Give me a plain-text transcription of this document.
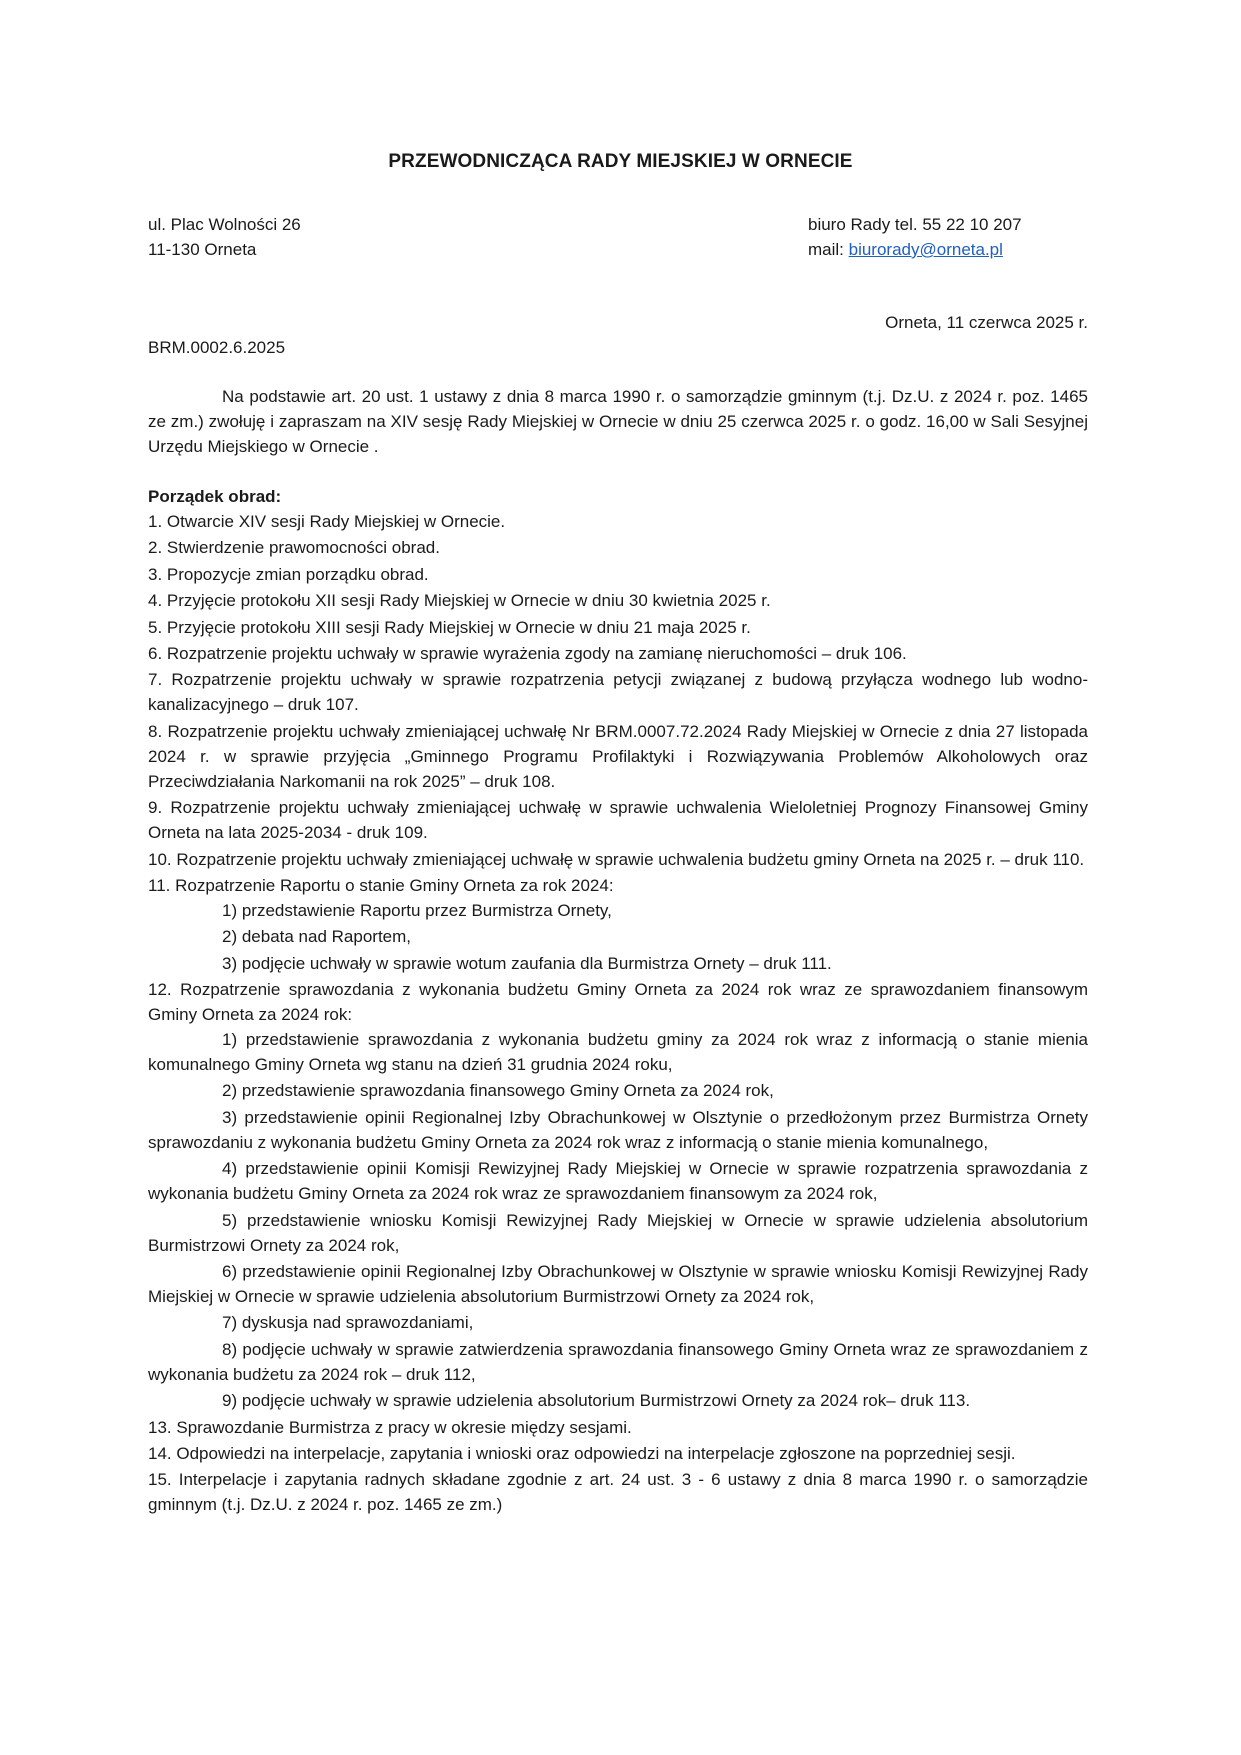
PRZEWODNICZĄCA RADY MIEJSKIEJ W ORNECIE
ul. Plac Wolności 26
11-130 Orneta
biuro Rady tel. 55 22 10 207
mail: biurorady@orneta.pl
Orneta, 11 czerwca 2025 r.
BRM.0002.6.2025

Na podstawie art. 20 ust. 1 ustawy z dnia 8 marca 1990 r. o samorządzie gminnym (t.j. Dz.U. z 2024 r. poz. 1465 ze zm.) zwołuję i zapraszam na XIV sesję Rady Miejskiej w Ornecie w dniu 25 czerwca 2025 r. o godz. 16,00 w Sali Sesyjnej Urzędu Miejskiego w Ornecie .

Porządek obrad:
1. Otwarcie XIV sesji Rady Miejskiej w Ornecie.
2. Stwierdzenie prawomocności obrad.
3. Propozycje zmian porządku obrad.
4. Przyjęcie protokołu XII sesji Rady Miejskiej w Ornecie w dniu 30 kwietnia 2025 r.
5. Przyjęcie protokołu XIII sesji Rady Miejskiej w Ornecie w dniu 21 maja 2025 r.
6. Rozpatrzenie projektu uchwały w sprawie wyrażenia zgody na zamianę nieruchomości – druk 106.
7. Rozpatrzenie projektu uchwały w sprawie rozpatrzenia petycji związanej z budową przyłącza wodnego lub wodno-kanalizacyjnego – druk 107.
8. Rozpatrzenie projektu uchwały zmieniającej uchwałę Nr BRM.0007.72.2024 Rady Miejskiej w Ornecie z dnia 27 listopada 2024 r. w sprawie przyjęcia „Gminnego Programu Profilaktyki i Rozwiązywania Problemów Alkoholowych oraz Przeciwdziałania Narkomanii na rok 2025” – druk 108.
9. Rozpatrzenie projektu uchwały zmieniającej uchwałę w sprawie uchwalenia Wieloletniej Prognozy Finansowej Gminy Orneta na lata 2025-2034 - druk 109.
10. Rozpatrzenie projektu uchwały zmieniającej uchwałę w sprawie uchwalenia budżetu gminy Orneta na 2025 r. – druk 110.
11. Rozpatrzenie Raportu o stanie Gminy Orneta za rok 2024:
1) przedstawienie Raportu przez Burmistrza Ornety,
2) debata nad Raportem,
3) podjęcie uchwały w sprawie wotum zaufania dla Burmistrza Ornety – druk 111.
12. Rozpatrzenie sprawozdania z wykonania budżetu Gminy Orneta za 2024 rok wraz ze sprawozdaniem finansowym Gminy Orneta za 2024 rok:
1) przedstawienie sprawozdania z wykonania budżetu gminy za 2024 rok wraz z informacją o stanie mienia komunalnego Gminy Orneta wg stanu na dzień 31 grudnia 2024 roku,
2) przedstawienie sprawozdania finansowego Gminy Orneta za 2024 rok,
3) przedstawienie opinii Regionalnej Izby Obrachunkowej w Olsztynie o przedłożonym przez Burmistrza Ornety sprawozdaniu z wykonania budżetu Gminy Orneta za 2024 rok wraz z informacją o stanie mienia komunalnego,
4) przedstawienie opinii Komisji Rewizyjnej Rady Miejskiej w Ornecie w sprawie rozpatrzenia sprawozdania z wykonania budżetu Gminy Orneta za 2024 rok wraz ze sprawozdaniem finansowym za 2024 rok,
5) przedstawienie wniosku Komisji Rewizyjnej Rady Miejskiej w Ornecie w sprawie udzielenia absolutorium Burmistrzowi Ornety za 2024 rok,
6) przedstawienie opinii Regionalnej Izby Obrachunkowej w Olsztynie w sprawie wniosku Komisji Rewizyjnej Rady Miejskiej w Ornecie w sprawie udzielenia absolutorium Burmistrzowi Ornety za 2024 rok,
7) dyskusja nad sprawozdaniami,
8) podjęcie uchwały w sprawie zatwierdzenia sprawozdania finansowego Gminy Orneta wraz ze sprawozdaniem z wykonania budżetu za 2024 rok – druk 112,
9) podjęcie uchwały w sprawie udzielenia absolutorium Burmistrzowi Ornety za 2024 rok– druk 113.
13. Sprawozdanie Burmistrza z pracy w okresie między sesjami.
14. Odpowiedzi na interpelacje, zapytania i wnioski oraz odpowiedzi na interpelacje zgłoszone na poprzedniej sesji.
15. Interpelacje i zapytania radnych składane zgodnie z art. 24 ust. 3 - 6 ustawy z dnia 8 marca 1990 r. o samorządzie gminnym (t.j. Dz.U. z 2024 r. poz. 1465 ze zm.)
